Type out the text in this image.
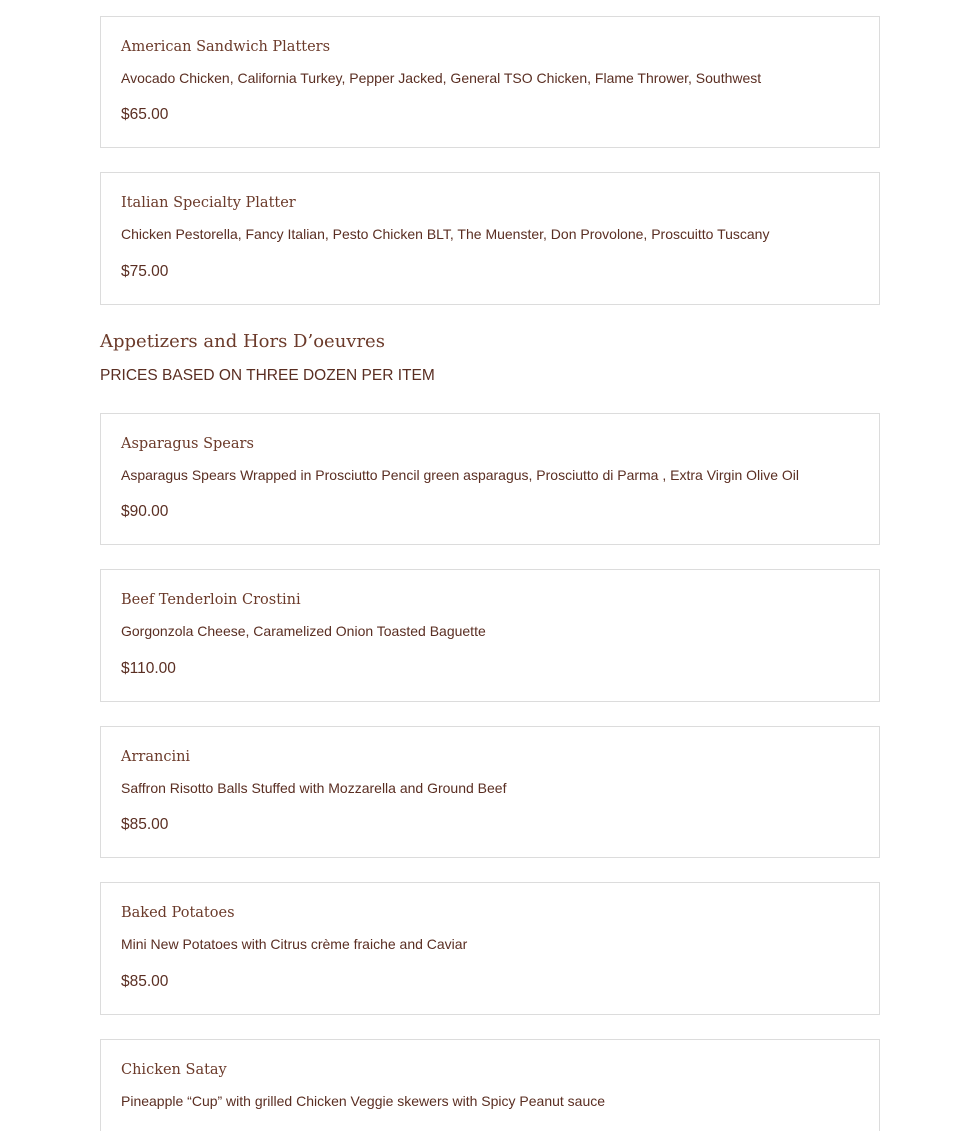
American Sandwich Platters
Avocado Chicken, California Turkey, Pepper Jacked, General TSO Chicken, Flame Thrower, Southwest
$65.00
Italian Specialty Platter
Chicken Pestorella, Fancy Italian, Pesto Chicken BLT, The Muenster, Don Provolone, Proscuitto Tuscany
$75.00
Appetizers and Hors D’oeuvres
PRICES BASED ON THREE DOZEN PER ITEM
Asparagus Spears
Asparagus Spears Wrapped in Prosciutto Pencil green asparagus, Prosciutto di Parma , Extra Virgin Olive Oil
$90.00
Beef Tenderloin Crostini
Gorgonzola Cheese, Caramelized Onion Toasted Baguette
$110.00
Arrancini
Saffron Risotto Balls Stuffed with Mozzarella and Ground Beef
$85.00
Baked Potatoes
Mini New Potatoes with Citrus crème fraiche and Caviar
$85.00
Chicken Satay
Pineapple “Cup” with grilled Chicken Veggie skewers with Spicy Peanut sauce
